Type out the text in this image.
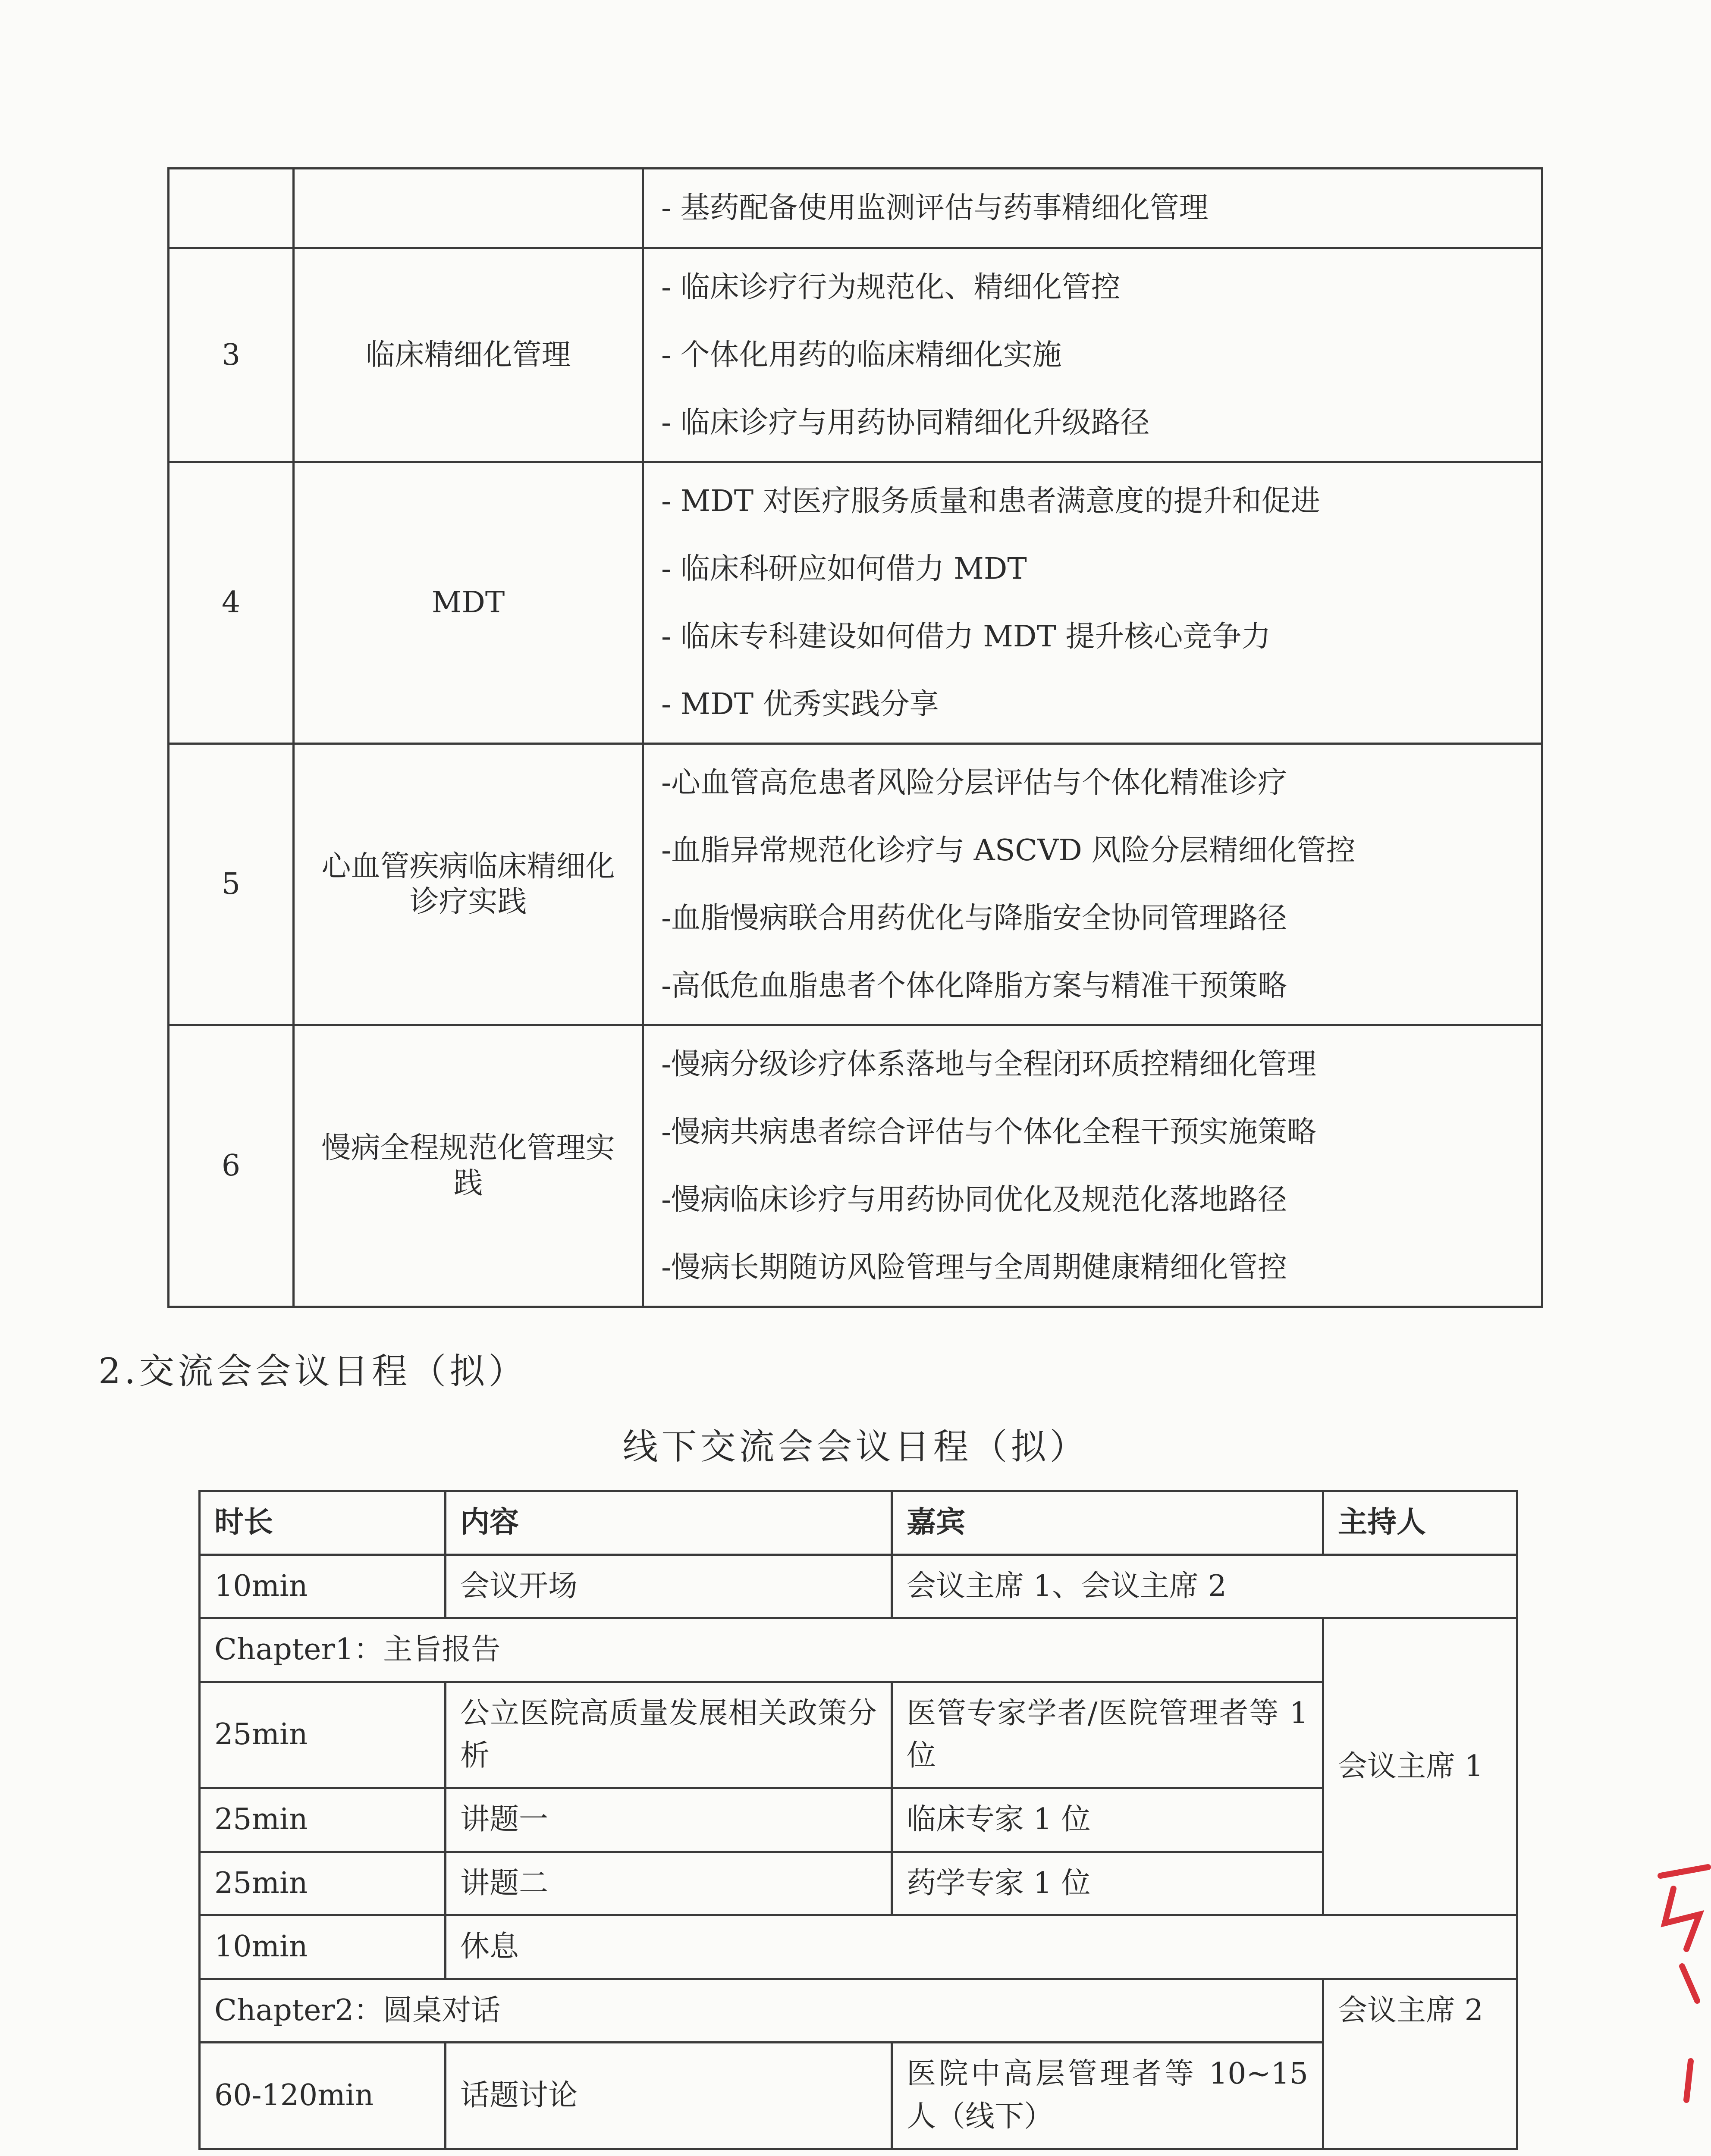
		- 基药配备使用监测评估与药事精细化管理

3	临床精细化管理	- 临床诊疗行为规范化、精细化管控
- 个体化用药的临床精细化实施
- 临床诊疗与用药协同精细化升级路径

4	MDT	- MDT 对医疗服务质量和患者满意度的提升和促进
- 临床科研应如何借力 MDT
- 临床专科建设如何借力 MDT 提升核心竞争力
- MDT 优秀实践分享

5	心血管疾病临床精细化诊疗实践	-心血管高危患者风险分层评估与个体化精准诊疗
-血脂异常规范化诊疗与 ASCVD 风险分层精细化管控
-血脂慢病联合用药优化与降脂安全协同管理路径
-高低危血脂患者个体化降脂方案与精准干预策略

6	慢病全程规范化管理实践	-慢病分级诊疗体系落地与全程闭环质控精细化管理
-慢病共病患者综合评估与个体化全程干预实施策略
-慢病临床诊疗与用药协同优化及规范化落地路径
-慢病长期随访风险管理与全周期健康精细化管控
2.交流会会议日程（拟）
线下交流会会议日程（拟）
时长	内容	嘉宾	主持人
10min	会议开场	会议主席 1、会议主席 2	
Chapter1：主旨报告			会议主席 1
25min	公立医院高质量发展相关政策分析	医管专家学者/医院管理者等 1 位	
25min	讲题一	临床专家 1 位	
25min	讲题二	药学专家 1 位	
10min	休息		
Chapter2：圆桌对话			会议主席 2
60-120min	话题讨论	医院中高层管理者等 10~15 人（线下）	
